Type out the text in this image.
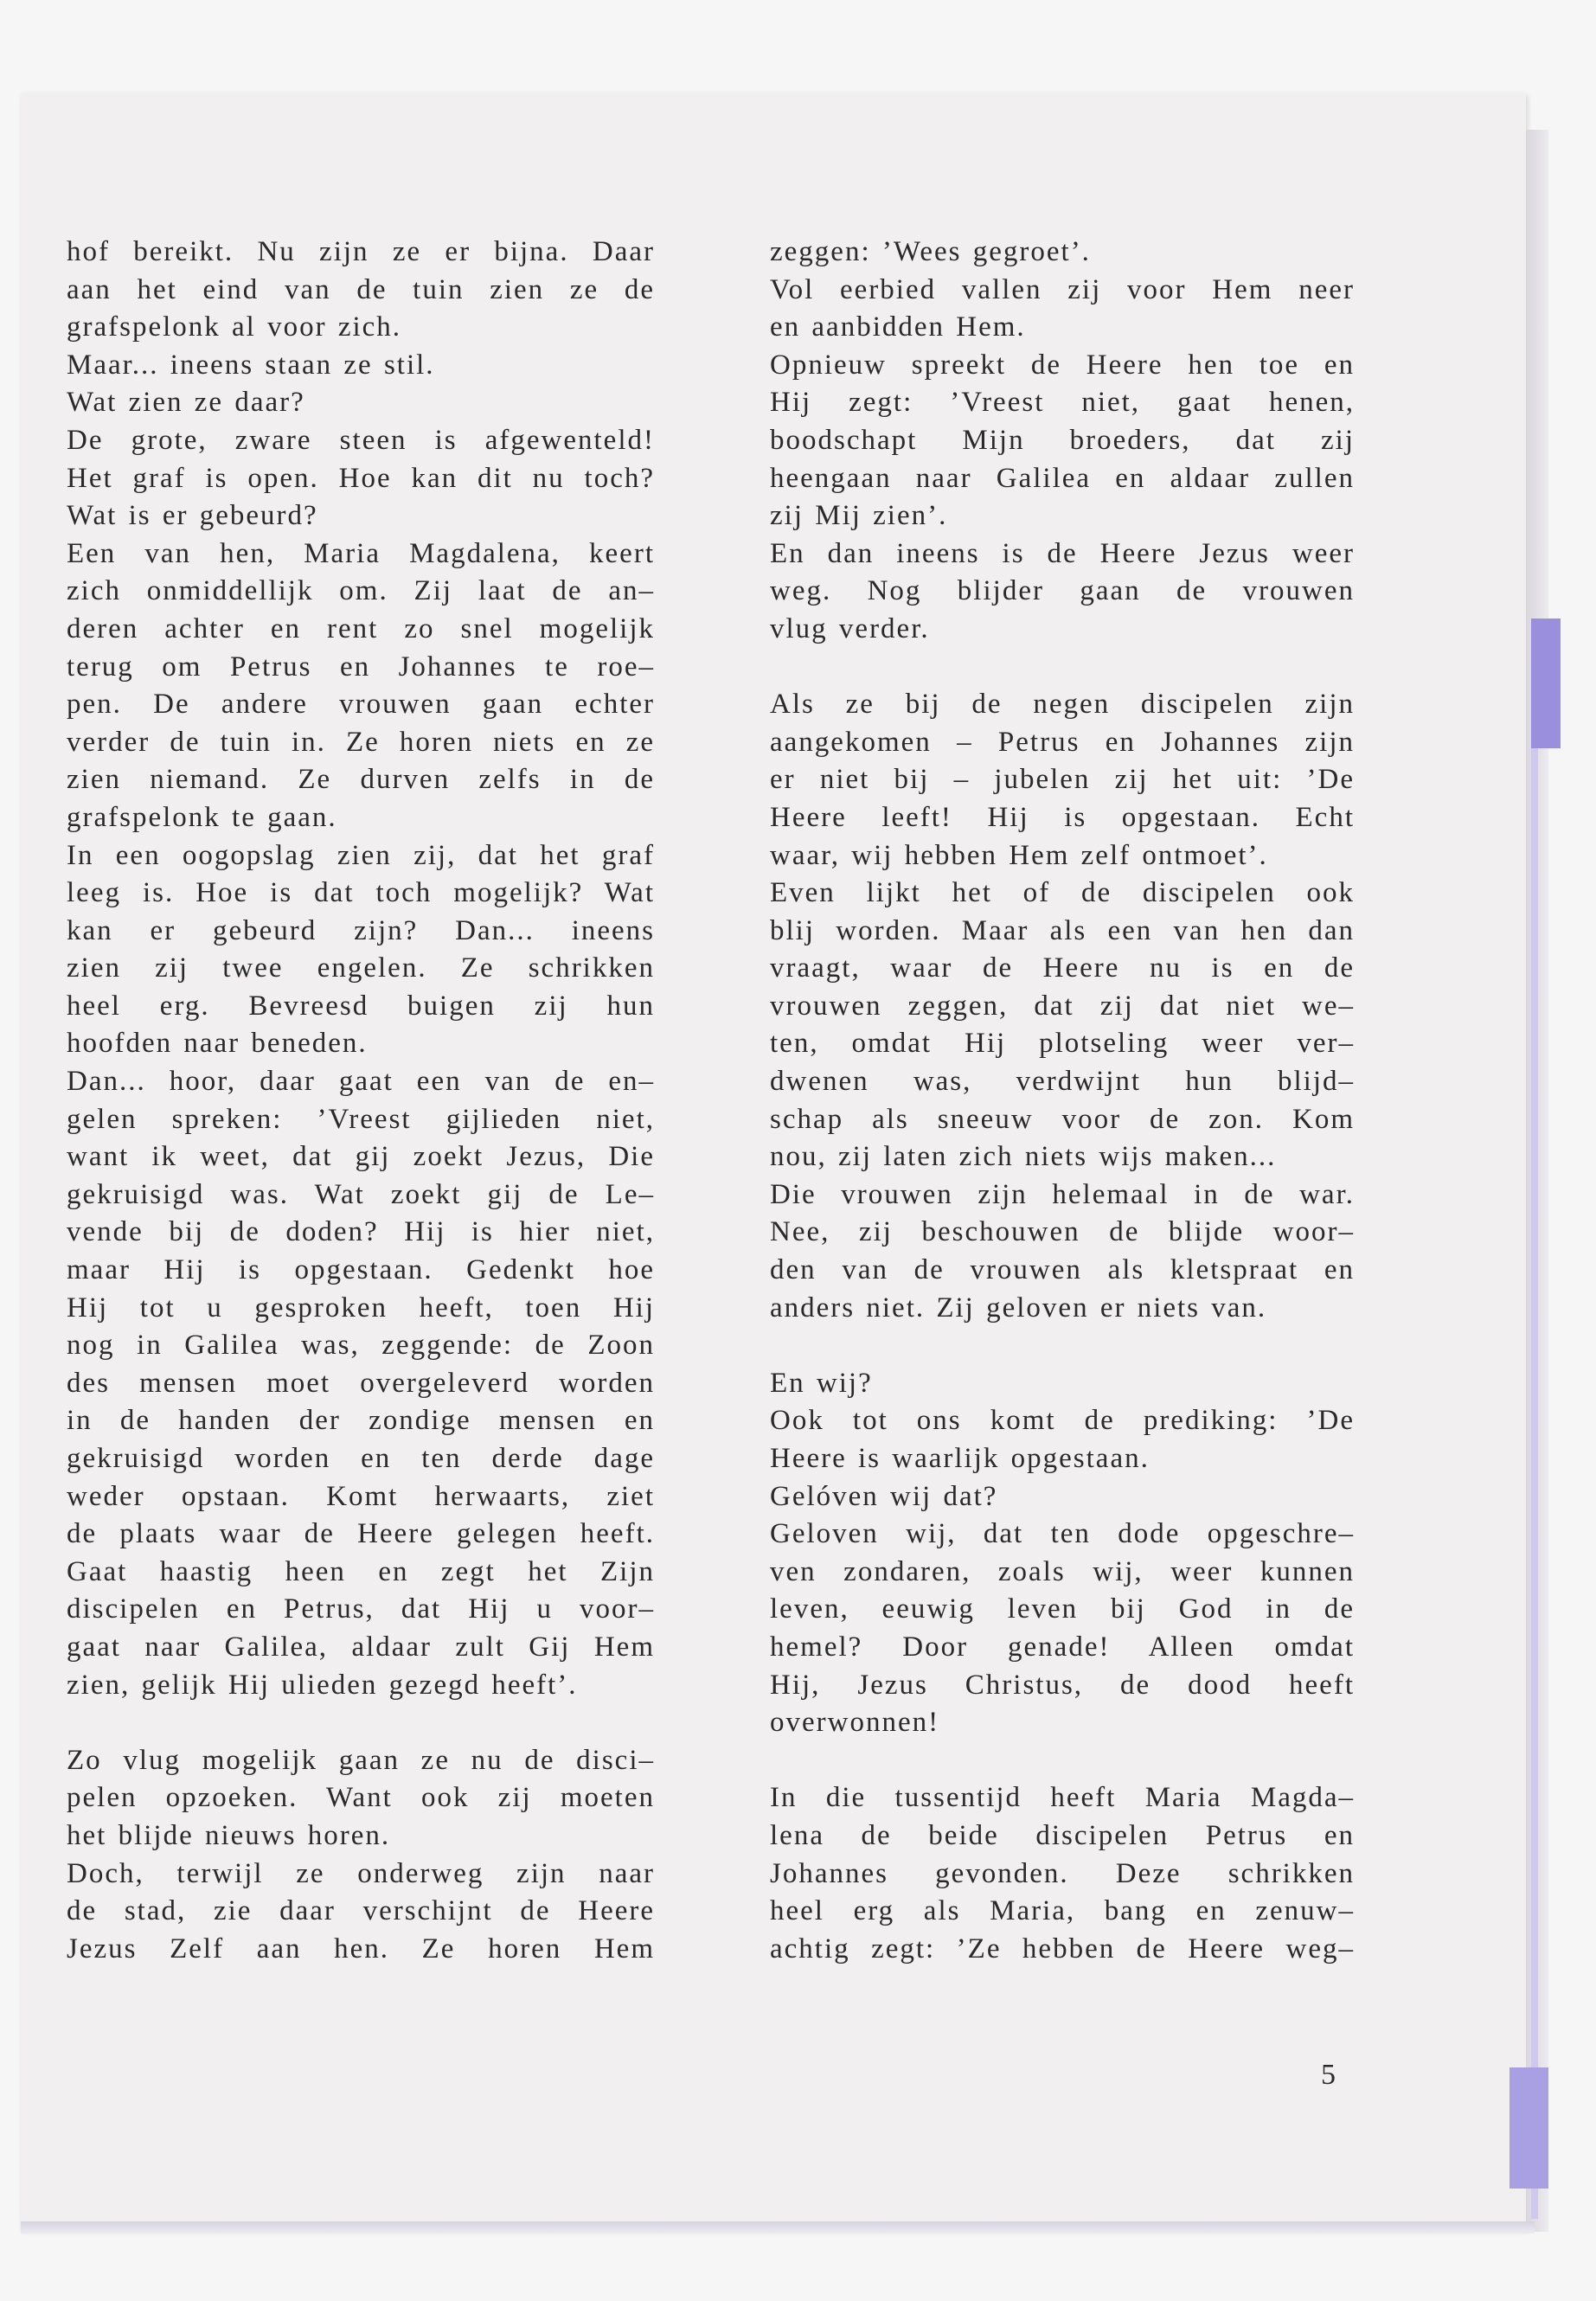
hof bereikt. Nu zijn ze er bijna. Daar
aan het eind van de tuin zien ze de
grafspelonk al voor zich.
Maar... ineens staan ze stil.
Wat zien ze daar?
De grote, zware steen is afgewenteld!
Het graf is open. Hoe kan dit nu toch?
Wat is er gebeurd?
Een van hen, Maria Magdalena, keert
zich onmiddellijk om. Zij laat de an–
deren achter en rent zo snel mogelijk
terug om Petrus en Johannes te roe–
pen. De andere vrouwen gaan echter
verder de tuin in. Ze horen niets en ze
zien niemand. Ze durven zelfs in de
grafspelonk te gaan.
In een oogopslag zien zij, dat het graf
leeg is. Hoe is dat toch mogelijk? Wat
kan er gebeurd zijn? Dan... ineens
zien zij twee engelen. Ze schrikken
heel erg. Bevreesd buigen zij hun
hoofden naar beneden.
Dan... hoor, daar gaat een van de en–
gelen spreken: ’Vreest gijlieden niet,
want ik weet, dat gij zoekt Jezus, Die
gekruisigd was. Wat zoekt gij de Le–
vende bij de doden? Hij is hier niet,
maar Hij is opgestaan. Gedenkt hoe
Hij tot u gesproken heeft, toen Hij
nog in Galilea was, zeggende: de Zoon
des mensen moet overgeleverd worden
in de handen der zondige mensen en
gekruisigd worden en ten derde dage
weder opstaan. Komt herwaarts, ziet
de plaats waar de Heere gelegen heeft.
Gaat haastig heen en zegt het Zijn
discipelen en Petrus, dat Hij u voor–
gaat naar Galilea, aldaar zult Gij Hem
zien, gelijk Hij ulieden gezegd heeft’.
Zo vlug mogelijk gaan ze nu de disci–
pelen opzoeken. Want ook zij moeten
het blijde nieuws horen.
Doch, terwijl ze onderweg zijn naar
de stad, zie daar verschijnt de Heere
Jezus Zelf aan hen. Ze horen Hem
zeggen: ’Wees gegroet’.
Vol eerbied vallen zij voor Hem neer
en aanbidden Hem.
Opnieuw spreekt de Heere hen toe en
Hij zegt: ’Vreest niet, gaat henen,
boodschapt Mijn broeders, dat zij
heengaan naar Galilea en aldaar zullen
zij Mij zien’.
En dan ineens is de Heere Jezus weer
weg. Nog blijder gaan de vrouwen
vlug verder.
Als ze bij de negen discipelen zijn
aangekomen – Petrus en Johannes zijn
er niet bij – jubelen zij het uit: ’De
Heere leeft! Hij is opgestaan. Echt
waar, wij hebben Hem zelf ontmoet’.
Even lijkt het of de discipelen ook
blij worden. Maar als een van hen dan
vraagt, waar de Heere nu is en de
vrouwen zeggen, dat zij dat niet we–
ten, omdat Hij plotseling weer ver–
dwenen was, verdwijnt hun blijd–
schap als sneeuw voor de zon. Kom
nou, zij laten zich niets wijs maken...
Die vrouwen zijn helemaal in de war.
Nee, zij beschouwen de blijde woor–
den van de vrouwen als kletspraat en
anders niet. Zij geloven er niets van.
En wij?
Ook tot ons komt de prediking: ’De
Heere is waarlijk opgestaan.
Gelóven wij dat?
Geloven wij, dat ten dode opgeschre–
ven zondaren, zoals wij, weer kunnen
leven, eeuwig leven bij God in de
hemel? Door genade! Alleen omdat
Hij, Jezus Christus, de dood heeft
overwonnen!
In die tussentijd heeft Maria Magda–
lena de beide discipelen Petrus en
Johannes gevonden. Deze schrikken
heel erg als Maria, bang en zenuw–
achtig zegt: ’Ze hebben de Heere weg–
5
